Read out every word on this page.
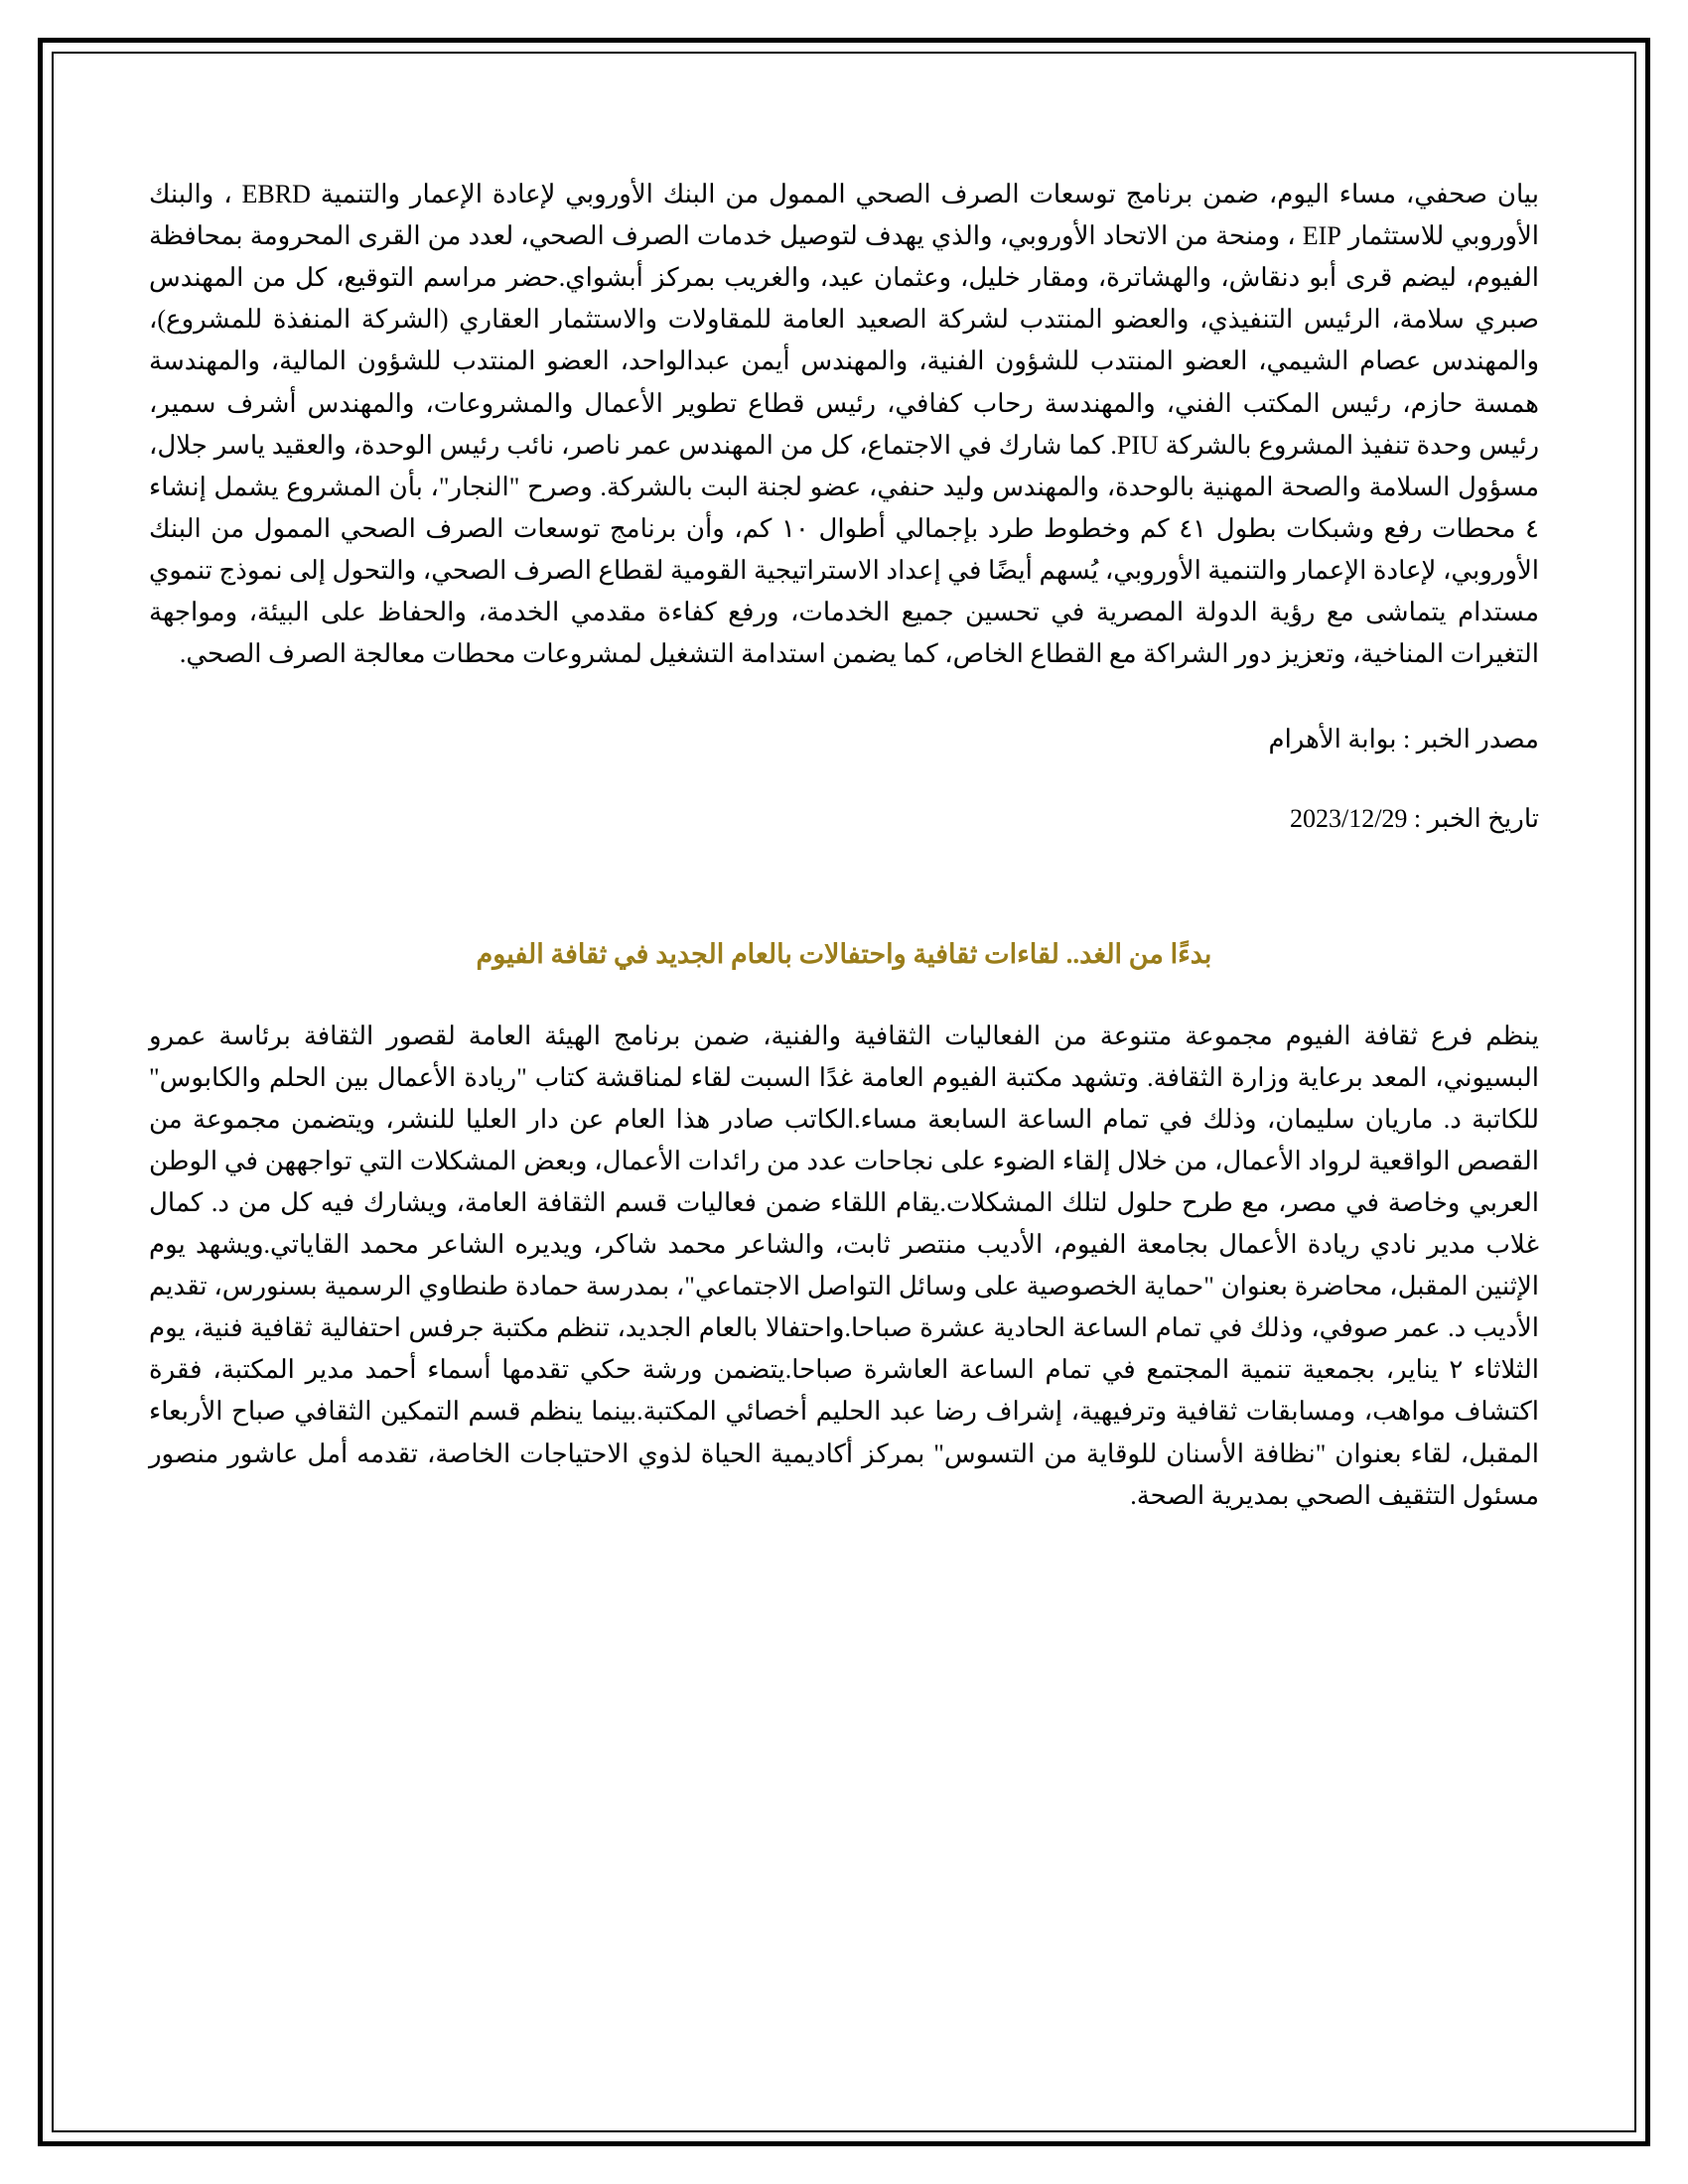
بيان صحفي، مساء اليوم، ضمن برنامج توسعات الصرف الصحي الممول من البنك الأوروبي لإعادة الإعمار والتنمية EBRD ، والبنك الأوروبي للاستثمار EIP ، ومنحة من الاتحاد الأوروبي، والذي يهدف لتوصيل خدمات الصرف الصحي، لعدد من القرى المحرومة بمحافظة الفيوم، ليضم قرى أبو دنقاش، والهشاترة، ومقار خليل، وعثمان عيد، والغريب بمركز أبشواي.حضر مراسم التوقيع، كل من المهندس صبري سلامة، الرئيس التنفيذي، والعضو المنتدب لشركة الصعيد العامة للمقاولات والاستثمار العقاري (الشركة المنفذة للمشروع)، والمهندس عصام الشيمي، العضو المنتدب للشؤون الفنية، والمهندس أيمن عبدالواحد، العضو المنتدب للشؤون المالية، والمهندسة همسة حازم، رئيس المكتب الفني، والمهندسة رحاب كفافي، رئيس قطاع تطوير الأعمال والمشروعات، والمهندس أشرف سمير، رئيس وحدة تنفيذ المشروع بالشركة PIU. كما شارك في الاجتماع، كل من المهندس عمر ناصر، نائب رئيس الوحدة، والعقيد ياسر جلال، مسؤول السلامة والصحة المهنية بالوحدة، والمهندس وليد حنفي، عضو لجنة البت بالشركة. وصرح "النجار"، بأن المشروع يشمل إنشاء ٤ محطات رفع وشبكات بطول ٤١ كم وخطوط طرد بإجمالي أطوال ١٠ كم، وأن برنامج توسعات الصرف الصحي الممول من البنك الأوروبي، لإعادة الإعمار والتنمية الأوروبي، يُسهم أيضًا في إعداد الاستراتيجية القومية لقطاع الصرف الصحي، والتحول إلى نموذج تنموي مستدام يتماشى مع رؤية الدولة المصرية في تحسين جميع الخدمات، ورفع كفاءة مقدمي الخدمة، والحفاظ على البيئة، ومواجهة التغيرات المناخية، وتعزيز دور الشراكة مع القطاع الخاص، كما يضمن استدامة التشغيل لمشروعات محطات معالجة الصرف الصحي.

مصدر الخبر : بوابة الأهرام
تاريخ الخبر : 2023/12/29
بدءًا من الغد.. لقاءات ثقافية واحتفالات بالعام الجديد في ثقافة الفيوم

ينظم فرع ثقافة الفيوم مجموعة متنوعة من الفعاليات الثقافية والفنية، ضمن برنامج الهيئة العامة لقصور الثقافة برئاسة عمرو البسيوني، المعد برعاية وزارة الثقافة. وتشهد مكتبة الفيوم العامة غدًا السبت لقاء لمناقشة كتاب "ريادة الأعمال بين الحلم والكابوس" للكاتبة د. ماريان سليمان، وذلك في تمام الساعة السابعة مساء.الكاتب صادر هذا العام عن دار العليا للنشر، ويتضمن مجموعة من القصص الواقعية لرواد الأعمال، من خلال إلقاء الضوء على نجاحات عدد من رائدات الأعمال، وبعض المشكلات التي تواجههن في الوطن العربي وخاصة في مصر، مع طرح حلول لتلك المشكلات.يقام اللقاء ضمن فعاليات قسم الثقافة العامة، ويشارك فيه كل من د. كمال غلاب مدير نادي ريادة الأعمال بجامعة الفيوم، الأديب منتصر ثابت، والشاعر محمد شاكر، ويديره الشاعر محمد القاياتي.ويشهد يوم الإثنين المقبل، محاضرة بعنوان "حماية الخصوصية على وسائل التواصل الاجتماعي"، بمدرسة حمادة طنطاوي الرسمية بسنورس، تقديم الأديب د. عمر صوفي، وذلك في تمام الساعة الحادية عشرة صباحا.واحتفالا بالعام الجديد، تنظم مكتبة جرفس احتفالية ثقافية فنية، يوم الثلاثاء ٢ يناير، بجمعية تنمية المجتمع في تمام الساعة العاشرة صباحا.يتضمن ورشة حكي تقدمها أسماء أحمد مدير المكتبة، فقرة اكتشاف مواهب، ومسابقات ثقافية وترفيهية، إشراف رضا عبد الحليم أخصائي المكتبة.بينما ينظم قسم التمكين الثقافي صباح الأربعاء المقبل، لقاء بعنوان "نظافة الأسنان للوقاية من التسوس" بمركز أكاديمية الحياة لذوي الاحتياجات الخاصة، تقدمه أمل عاشور منصور مسئول التثقيف الصحي بمديرية الصحة.
